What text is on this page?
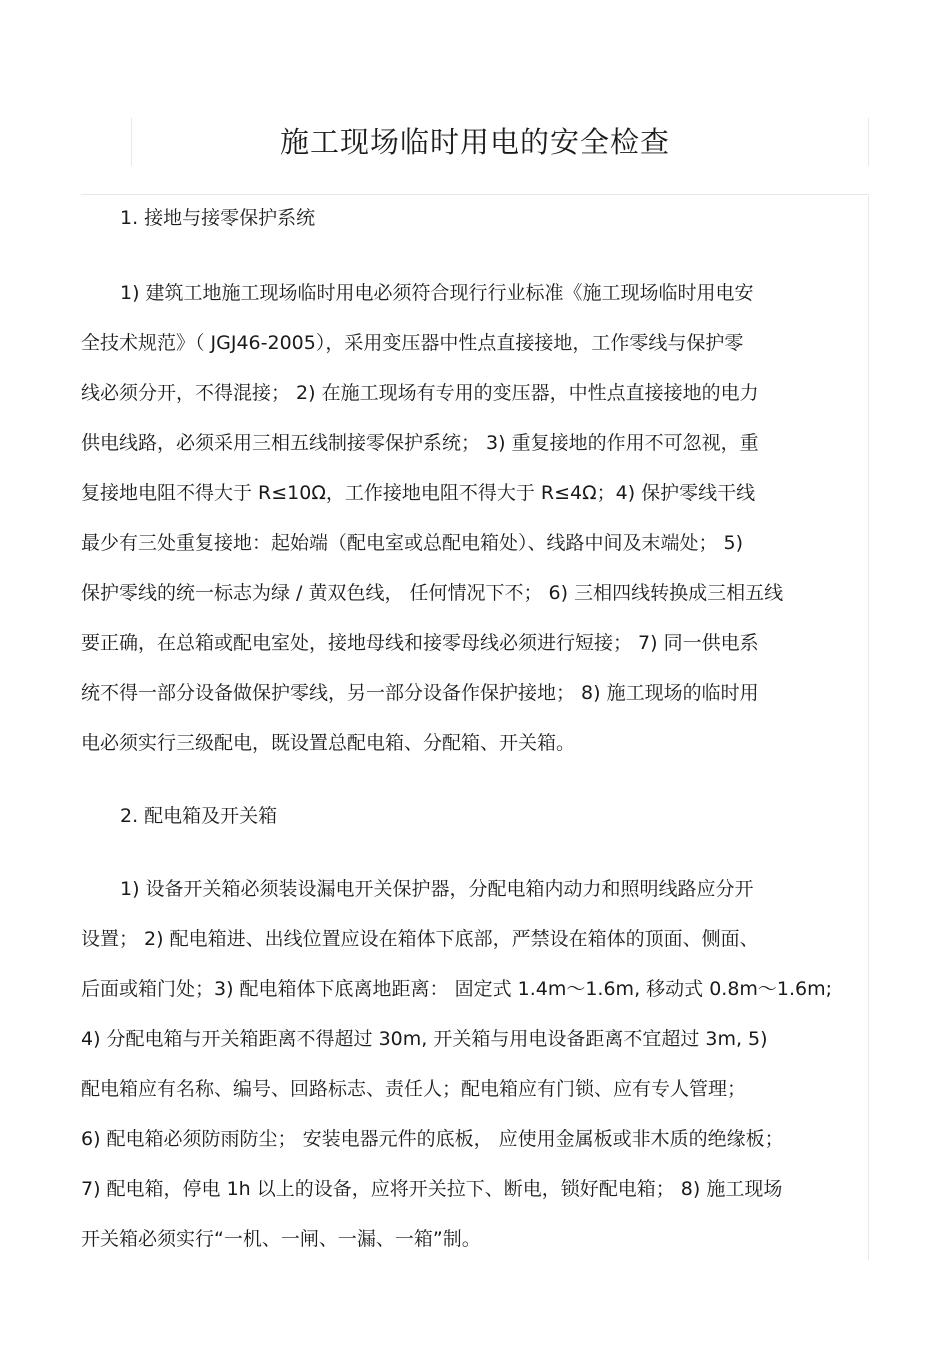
施工现场临时用电的安全检查
1. 接地与接零保护系统
1) 建筑工地施工现场临时用电必须符合现行行业标准《施工现场临时用电安
全技术规范》（ JGJ46-2005），采用变压器中性点直接接地，工作零线与保护零
线必须分开，不得混接； 2) 在施工现场有专用的变压器，中性点直接接地的电力
供电线路，必须采用三相五线制接零保护系统； 3) 重复接地的作用不可忽视，重
复接地电阻不得大于 R≤10Ω，工作接地电阻不得大于 R≤4Ω；4) 保护零线干线
最少有三处重复接地：起始端（配电室或总配电箱处）、线路中间及末端处； 5)
保护零线的统一标志为绿 / 黄双色线， 任何情况下不； 6) 三相四线转换成三相五线
要正确，在总箱或配电室处，接地母线和接零母线必须进行短接； 7) 同一供电系
统不得一部分设备做保护零线，另一部分设备作保护接地； 8) 施工现场的临时用
电必须实行三级配电，既设置总配电箱、分配箱、开关箱。
2. 配电箱及开关箱
1) 设备开关箱必须装设漏电开关保护器，分配电箱内动力和照明线路应分开
设置； 2) 配电箱进、出线位置应设在箱体下底部，严禁设在箱体的顶面、侧面、
后面或箱门处；3) 配电箱体下底离地距离： 固定式 1.4m～1.6m, 移动式 0.8m～1.6m;
4) 分配电箱与开关箱距离不得超过 30m, 开关箱与用电设备距离不宜超过 3m, 5)
配电箱应有名称、编号、回路标志、责任人；配电箱应有门锁、应有专人管理；
6) 配电箱必须防雨防尘； 安装电器元件的底板， 应使用金属板或非木质的绝缘板；
7) 配电箱，停电 1h 以上的设备，应将开关拉下、断电，锁好配电箱； 8) 施工现场
开关箱必须实行“一机、一闸、一漏、一箱”制。
